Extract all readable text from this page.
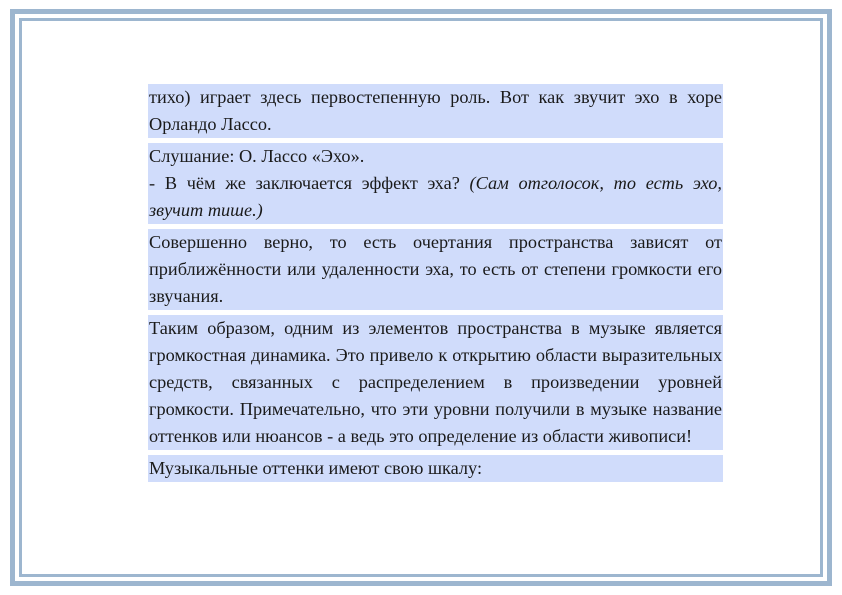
тихо) играет здесь первостепенную роль. Вот как звучит эхо в хоре Орландо Лассо.

Слушание: О. Лассо «Эхо».
- В чём же заключается эффект эха? (Сам отголосок, то есть эхо, звучит тише.)

Совершенно верно, то есть очертания пространства зависят от приближённости или удаленности эха, то есть от степени громкости его звучания.

Таким образом, одним из элементов пространства в музыке является громкостная динамика. Это привело к открытию области выразительных средств, связанных с распределением в произведении уровней громкости. Примечательно, что эти уровни получили в музыке название оттенков или нюансов - а ведь это определение из области живописи!

Музыкальные оттенки имеют свою шкалу:
